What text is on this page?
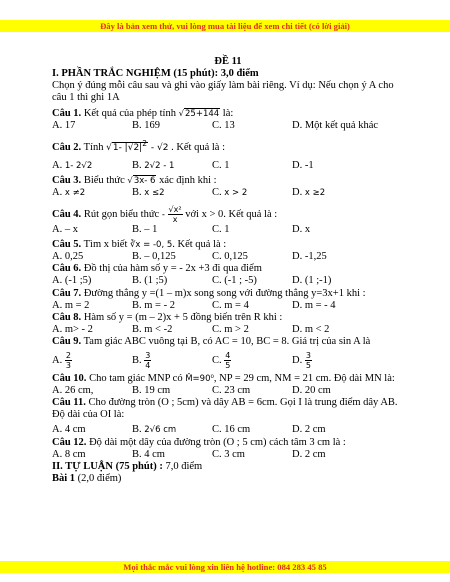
Đây là bản xem thử, vui lòng mua tài liệu để xem chi tiết (có lời giải)
ĐỀ 11
I. PHẦN TRẮC NGHIỆM (15 phút): 3,0 điểm
Chọn ý đúng mỗi câu sau và ghi vào giấy làm bài riêng. Ví dụ: Nếu chọn ý A cho câu 1 thì ghi 1A
Câu 1. Kết quả của phép tính √25+144 là:
A. 17	B. 169	C. 13	D. Một kết quả khác
Câu 2. Tính √1- $|√2|^2 - √2$ . Kết quả là :
A. 1- 2√2	B. 2√2 - 1	C. 1	D. -1
Câu 3. Biểu thức √3x- 6 xác định khi :
A. x ≠2	B. x ≤2	C. x > 2	D. x ≥2
Câu 4. Rút gọn biểu thức - $\frac{\text{√x²}}{x}$ với x > 0. Kết quả là :
A. – x	B. – 1	C. 1	D. x
Câu 5. Tìm x biết ∛x = -0, 5. Kết quả là :
A. 0,25	B. – 0,125	C. 0,125	D. -1,25
Câu 6. Đồ thị của hàm số y = - 2x +3 đi qua điểm
A. (-1 ;5)	B. (1 ;5)	C. (-1 ; -5)	D. (1 ;-1)
Câu 7. Đường thẳng y =(1 – m)x song song với đường thẳng y=3x+1 khi :
A. m = 2	B. m = - 2	C. m = 4	D. m = - 4
Câu 8. Hàm số y = (m – 2)x + 5 đồng biến trên R khi :
A. m> - 2	B. m < -2	C. m > 2	D. m < 2
Câu 9. Tam giác ABC vuông tại B, có AC = 10, BC = 8. Giá trị của sin A là
A. $\frac{2}{3}$	B. $\frac{3}{4}$	C. $\frac{4}{5}$	D. $\frac{3}{5}$
Câu 10. Cho tam giác MNP có M̂=90⁰, NP = 29 cm, NM = 21 cm. Độ dài MN là:
A. 26 cm,	B. 19 cm	C. 23 cm	D. 20 cm
Câu 11. Cho đường tròn (O ; 5cm) và dây AB = 6cm. Gọi I là trung điểm dây AB. Độ dài của OI là:
A. 4 cm	B. 2√6 cm	C. 16 cm	D. 2 cm
Câu 12. Độ dài một dây của đường tròn (O ; 5 cm) cách tâm 3 cm là :
A. 8 cm	B. 4 cm	C. 3 cm	D. 2 cm
II. TỰ LUẬN (75 phút) : 7,0 điểm
Bài 1 (2,0 điểm)
Mọi thắc mắc vui lòng xin liên hệ hotline: 084 283 45 85
